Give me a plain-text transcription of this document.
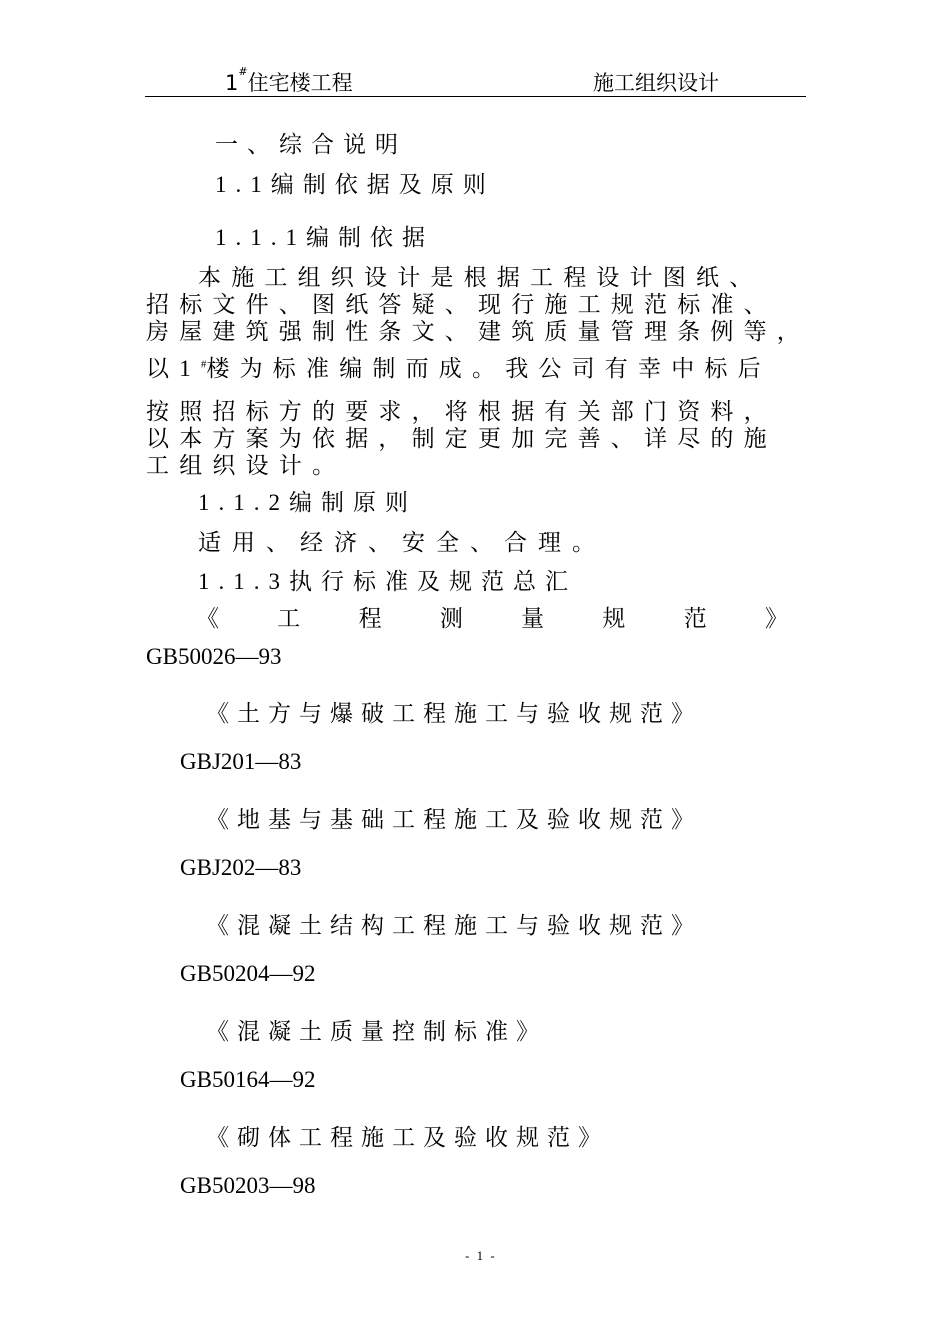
1#住宅楼工程	施工组织设计
一、综合说明
1.1编制依据及原则
1.1.1编制依据
本施工组织设计是根据工程设计图纸、
招标文件、图纸答疑、现行施工规范标准、
房屋建筑强制性条文、建筑质量管理条例等，
以1#楼为标准编制而成。我公司有幸中标后
按照招标方的要求，将根据有关部门资料，
以本方案为依据，制定更加完善、详尽的施
工组织设计。
1.1.2编制原则
适用、经济、安全、合理。
1.1.3执行标准及规范总汇
《	工	程	测	量	规	范	》
GB50026—93
《土方与爆破工程施工与验收规范》
GBJ201—83
《地基与基础工程施工及验收规范》
GBJ202—83
《混凝土结构工程施工与验收规范》
GB50204—92
《混凝土质量控制标准》
GB50164—92
《砌体工程施工及验收规范》
GB50203—98
- 1 -
